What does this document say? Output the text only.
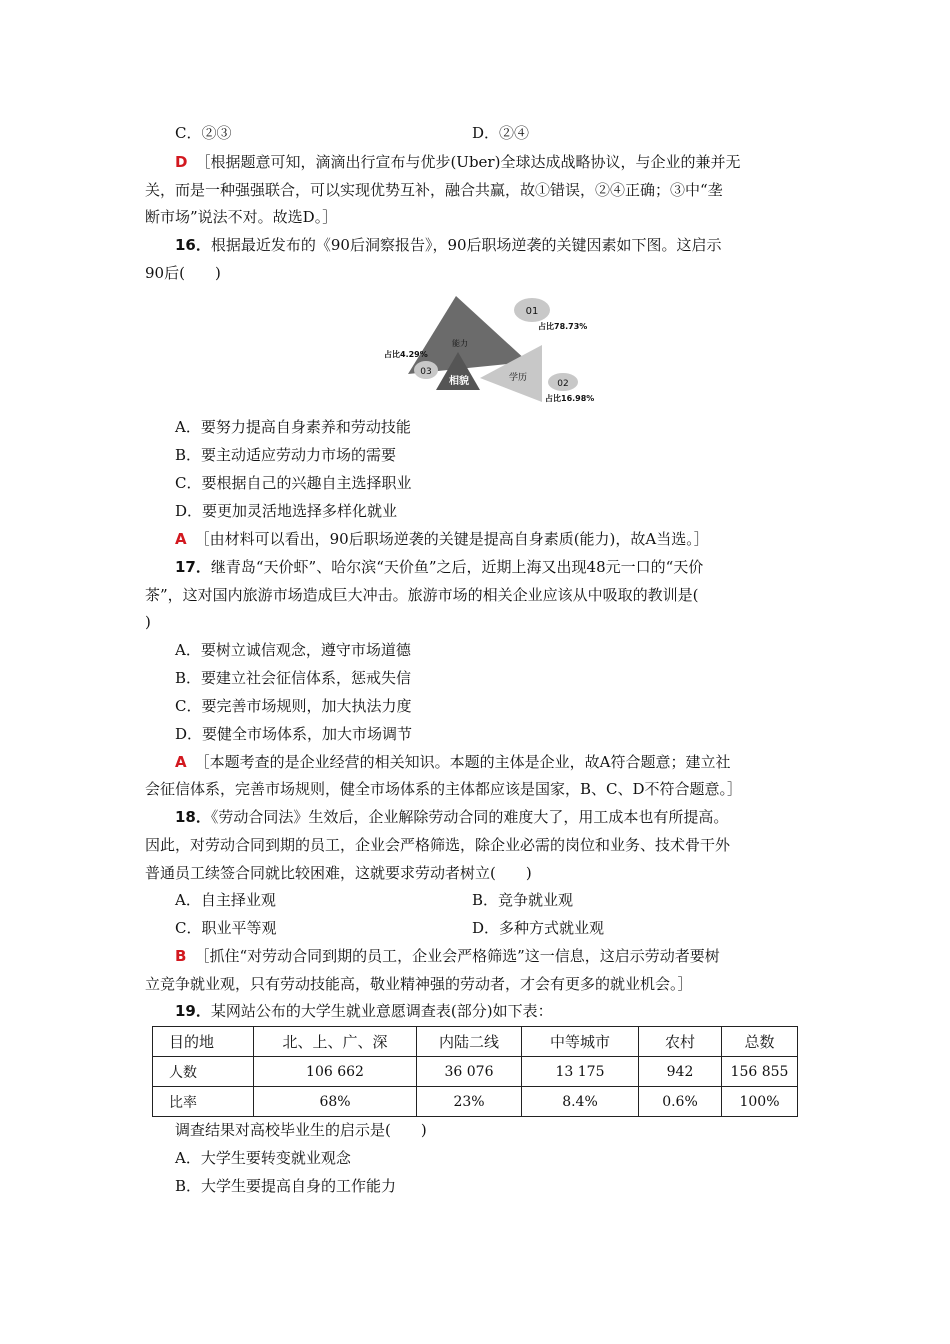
C．②③	D．②④
D ［根据题意可知，滴滴出行宣布与优步(Uber)全球达成战略协议，与企业的兼并无
关，而是一种强强联合，可以实现优势互补，融合共赢，故①错误，②④正确；③中“垄
断市场”说法不对。故选D。］
16．根据最近发布的《90后洞察报告》，90后职场逆袭的关键因素如下图。这启示
90后(　　)
01
02
03
能力
学历
相貌
占比78.73%
占比16.98%
占比4.29%
A．要努力提高自身素养和劳动技能
B．要主动适应劳动力市场的需要
C．要根据自己的兴趣自主选择职业
D．要更加灵活地选择多样化就业
A ［由材料可以看出，90后职场逆袭的关键是提高自身素质(能力)，故A当选。］
17．继青岛“天价虾”、哈尔滨“天价鱼”之后，近期上海又出现48元一口的“天价
茶”，这对国内旅游市场造成巨大冲击。旅游市场的相关企业应该从中吸取的教训是(
)
A．要树立诚信观念，遵守市场道德
B．要建立社会征信体系，惩戒失信
C．要完善市场规则，加大执法力度
D．要健全市场体系，加大市场调节
A ［本题考查的是企业经营的相关知识。本题的主体是企业，故A符合题意；建立社
会征信体系，完善市场规则，健全市场体系的主体都应该是国家，B、C、D不符合题意。］
18．《劳动合同法》生效后，企业解除劳动合同的难度大了，用工成本也有所提高。
因此，对劳动合同到期的员工，企业会严格筛选，除企业必需的岗位和业务、技术骨干外
普通员工续签合同就比较困难，这就要求劳动者树立(　　)
A．自主择业观	B．竞争就业观
C．职业平等观	D．多种方式就业观
B ［抓住“对劳动合同到期的员工，企业会严格筛选”这一信息，这启示劳动者要树
立竞争就业观，只有劳动技能高，敬业精神强的劳动者，才会有更多的就业机会。］
19．某网站公布的大学生就业意愿调查表(部分)如下表：
目的地	北、上、广、深	内陆二线	中等城市	农村	总数
人数	106 662	36 076	13 175	942	156 855
比率	68%	23%	8.4%	0.6%	100%
调查结果对高校毕业生的启示是(　　)
A．大学生要转变就业观念
B．大学生要提高自身的工作能力
